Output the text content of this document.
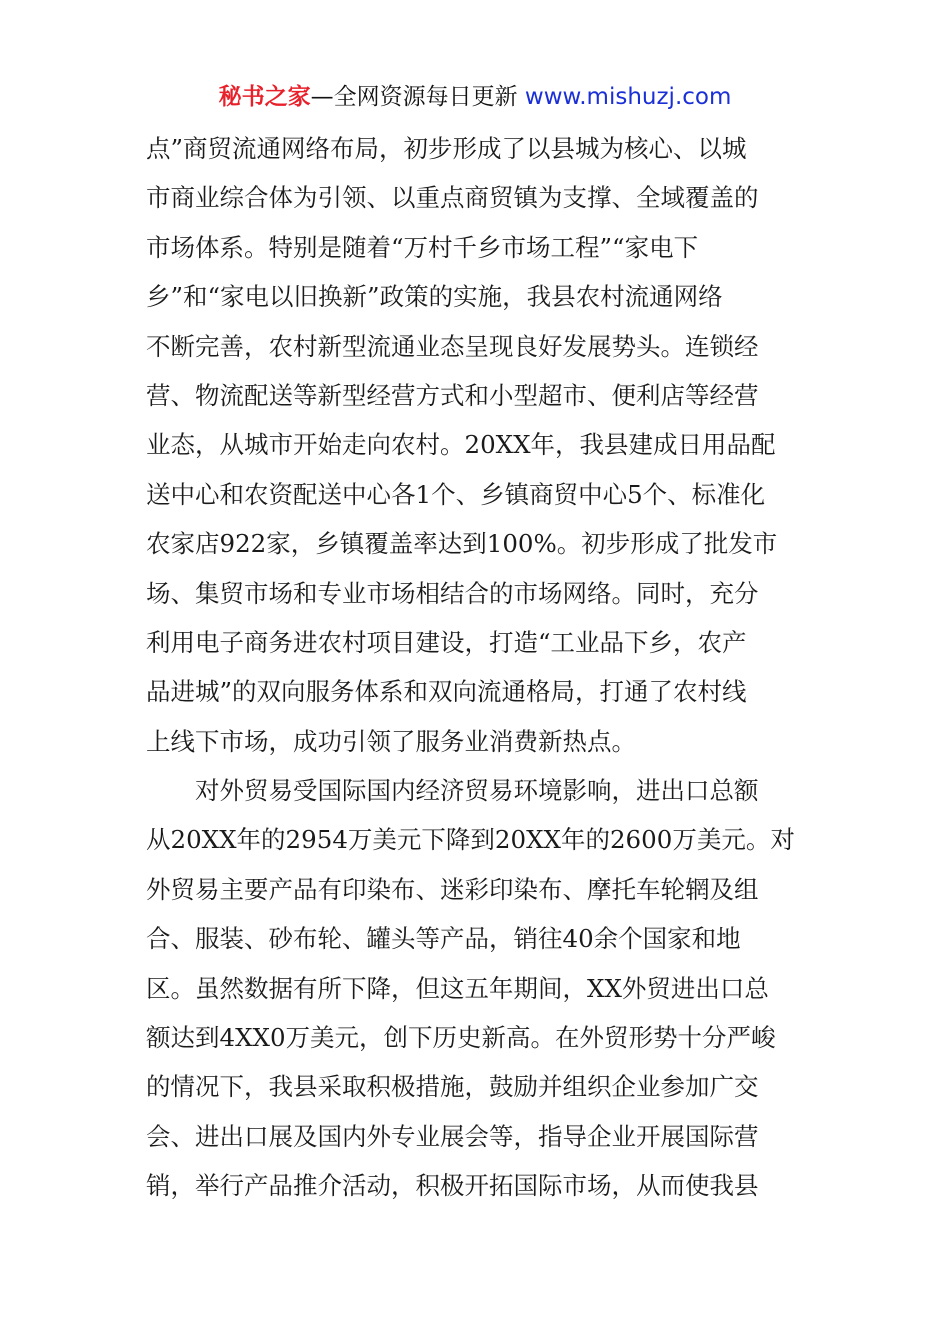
秘书之家—全网资源每日更新 www.mishuzj.com
点”商贸流通网络布局，初步形成了以县城为核心、以城
市商业综合体为引领、以重点商贸镇为支撑、全域覆盖的
市场体系。特别是随着“万村千乡市场工程”“家电下
乡”和“家电以旧换新”政策的实施，我县农村流通网络
不断完善，农村新型流通业态呈现良好发展势头。连锁经
营、物流配送等新型经营方式和小型超市、便利店等经营
业态，从城市开始走向农村。20XX年，我县建成日用品配
送中心和农资配送中心各1个、乡镇商贸中心5个、标准化
农家店922家，乡镇覆盖率达到100%。初步形成了批发市
场、集贸市场和专业市场相结合的市场网络。同时，充分
利用电子商务进农村项目建设，打造“工业品下乡，农产
品进城”的双向服务体系和双向流通格局，打通了农村线
上线下市场，成功引领了服务业消费新热点。
对外贸易受国际国内经济贸易环境影响，进出口总额
从20XX年的2954万美元下降到20XX年的2600万美元。对
外贸易主要产品有印染布、迷彩印染布、摩托车轮辋及组
合、服装、砂布轮、罐头等产品，销往40余个国家和地
区。虽然数据有所下降，但这五年期间，XX外贸进出口总
额达到4XX0万美元，创下历史新高。在外贸形势十分严峻
的情况下，我县采取积极措施，鼓励并组织企业参加广交
会、进出口展及国内外专业展会等，指导企业开展国际营
销，举行产品推介活动，积极开拓国际市场，从而使我县
